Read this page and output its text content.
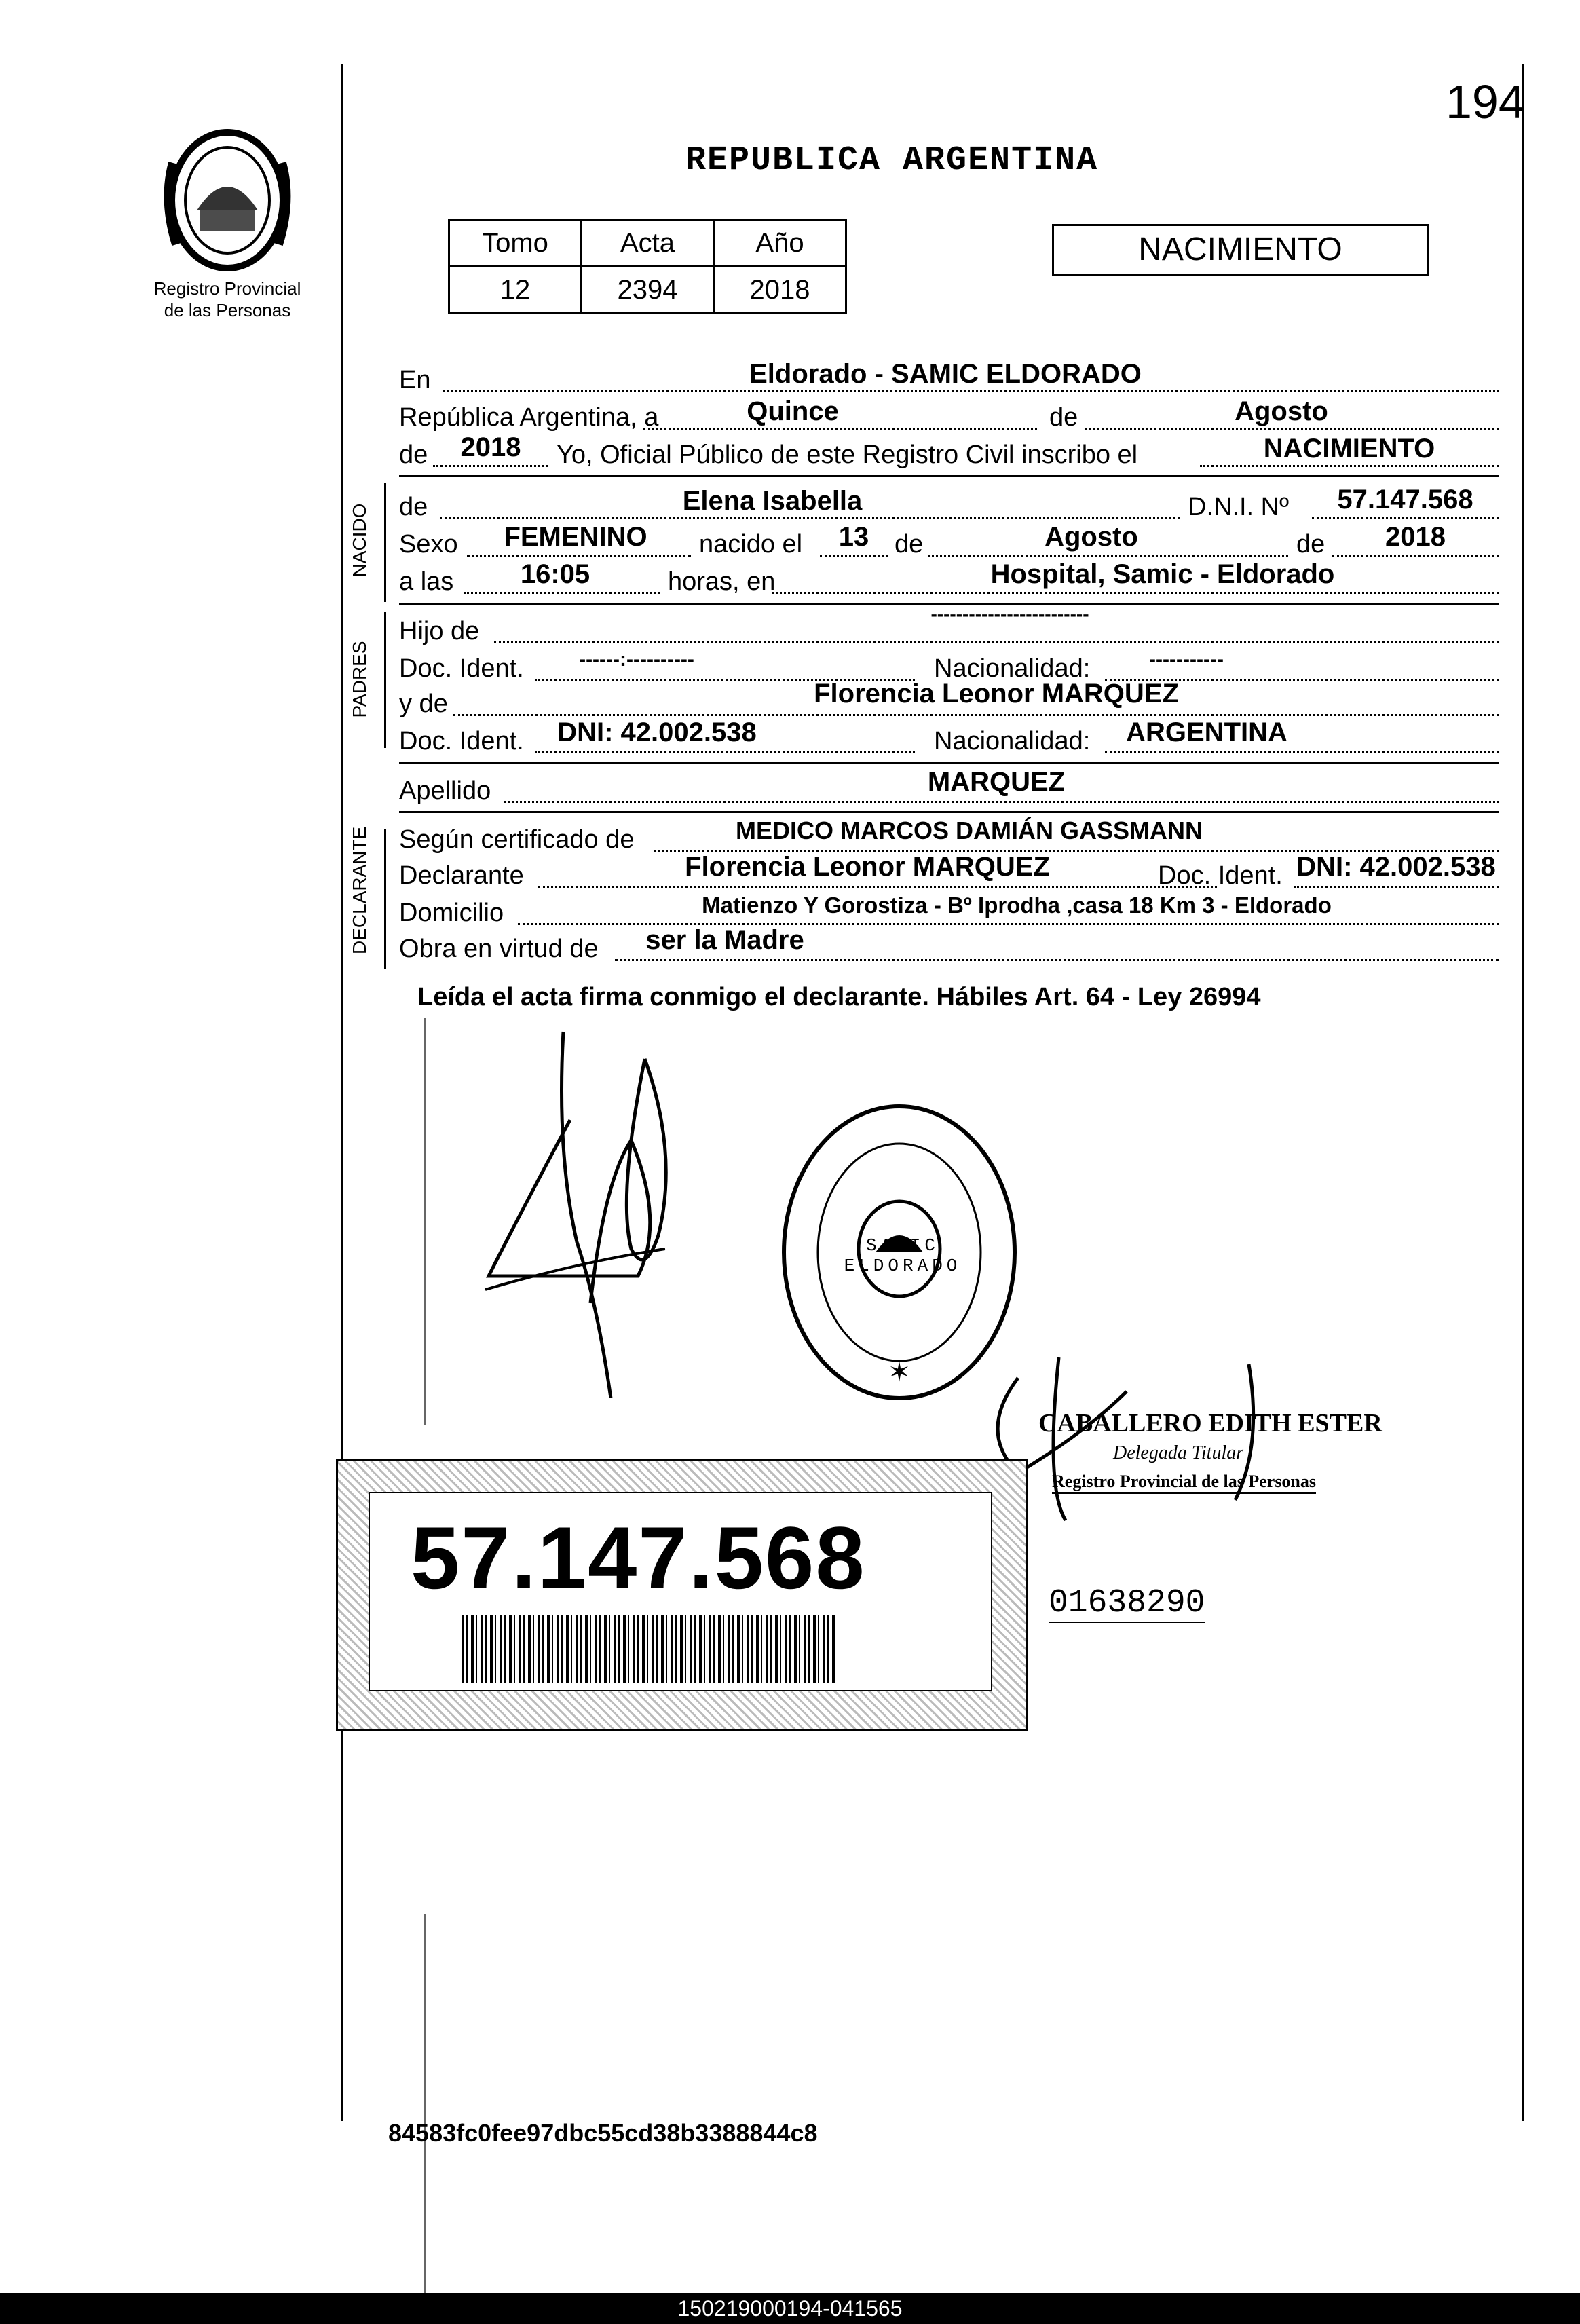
194
Registro Provincial
de las Personas
REPUBLICA ARGENTINA
Tomo	Acta	Año
12	2394	2018
NACIMIENTO
En	Eldorado - SAMIC ELDORADO
República Argentina, a	Quince	de	Agosto
de	2018	Yo, Oficial Público de este Registro Civil inscribo el	NACIMIENTO
NACIDO de	Elena Isabella	D.N.I. Nº	57.147.568
Sexo	FEMENINO	nacido el	13 de	Agosto	de	2018
a las	16:05	horas, en	Hospital, Samic - Eldorado
PADRES
Hijo de
-------------------------
Doc. Ident.	------:----------	Nacionalidad:	-----------
y de	Florencia Leonor MARQUEZ
Doc. Ident.	DNI: 42.002.538	Nacionalidad:	ARGENTINA
Apellido	MARQUEZ
DECLARANTE Según certificado de	MEDICO MARCOS DAMIÁN GASSMANN
Declarante	Florencia Leonor MARQUEZ	Doc. Ident. DNI: 42.002.538
Domicilio	Matienzo Y Gorostiza - Bº Iprodha ,casa 18 Km 3 - Eldorado
Obra en virtud de	ser la Madre
Leída el acta firma conmigo el declarante. Hábiles Art. 64 - Ley 26994
✶
SAMIC ELDORADO
CABALLERO EDITH ESTER
Delegada Titular
Registro Provincial de las Personas
57.147.568	01638290
84583fc0fee97dbc55cd38b3388844c8
150219000194-041565
